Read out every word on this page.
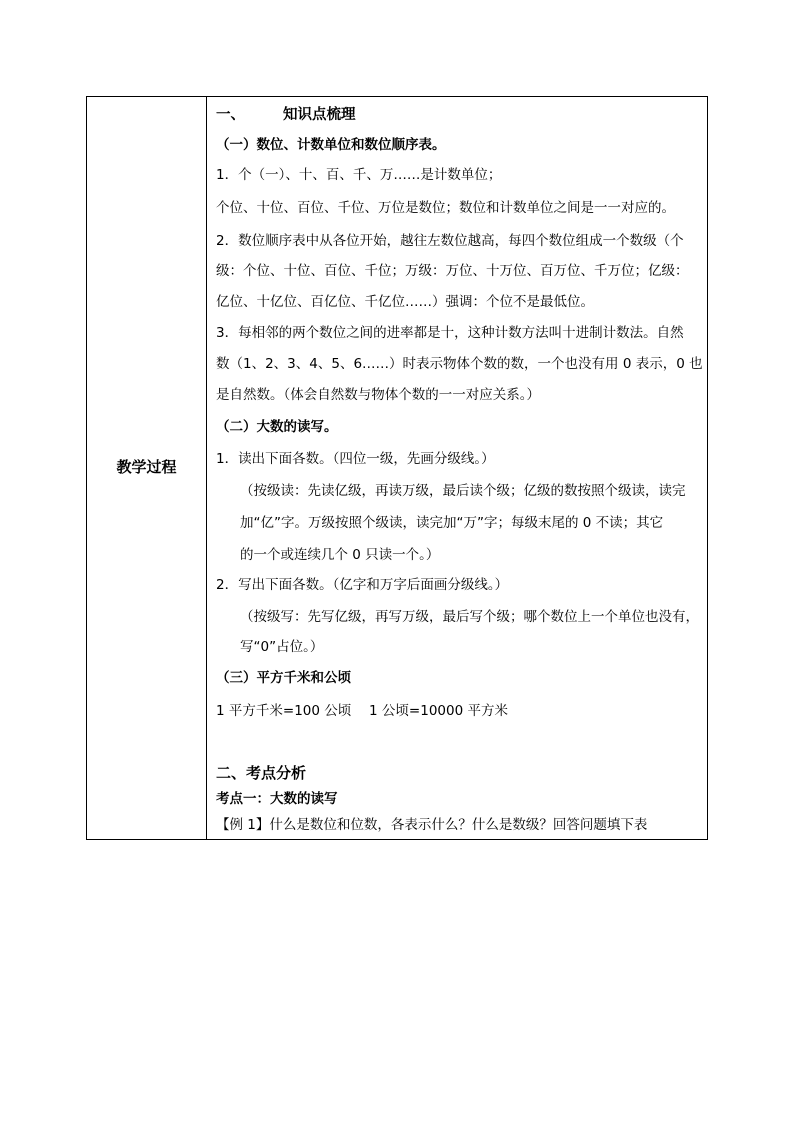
教学过程
一、	知识点梳理
（一）数位、计数单位和数位顺序表。
1．个（一）、十、百、千、万……是计数单位；
个位、十位、百位、千位、万位是数位；数位和计数单位之间是一一对应的。
2．数位顺序表中从各位开始，越往左数位越高，每四个数位组成一个数级（个
级：个位、十位、百位、千位；万级：万位、十万位、百万位、千万位；亿级：
亿位、十亿位、百亿位、千亿位……）强调：个位不是最低位。
3．每相邻的两个数位之间的进率都是十，这种计数方法叫十进制计数法。自然
数（1、2、3、4、5、6……）时表示物体个数的数，一个也没有用 0 表示，0 也
是自然数。（体会自然数与物体个数的一一对应关系。）
（二）大数的读写。
1．读出下面各数。（四位一级，先画分级线。）
（按级读：先读亿级，再读万级，最后读个级；亿级的数按照个级读，读完
加“亿”字。万级按照个级读，读完加“万”字；每级末尾的 0 不读；其它
的一个或连续几个 0 只读一个。）
2．写出下面各数。（亿字和万字后面画分级线。）
（按级写：先写亿级，再写万级，最后写个级；哪个数位上一个单位也没有，
写“0”占位。）
（三）平方千米和公顷
1 平方千米=100 公顷　 1 公顷=10000 平方米
二、考点分析
考点一：大数的读写
【例 1】什么是数位和位数，各表示什么？什么是数级？回答问题填下表
